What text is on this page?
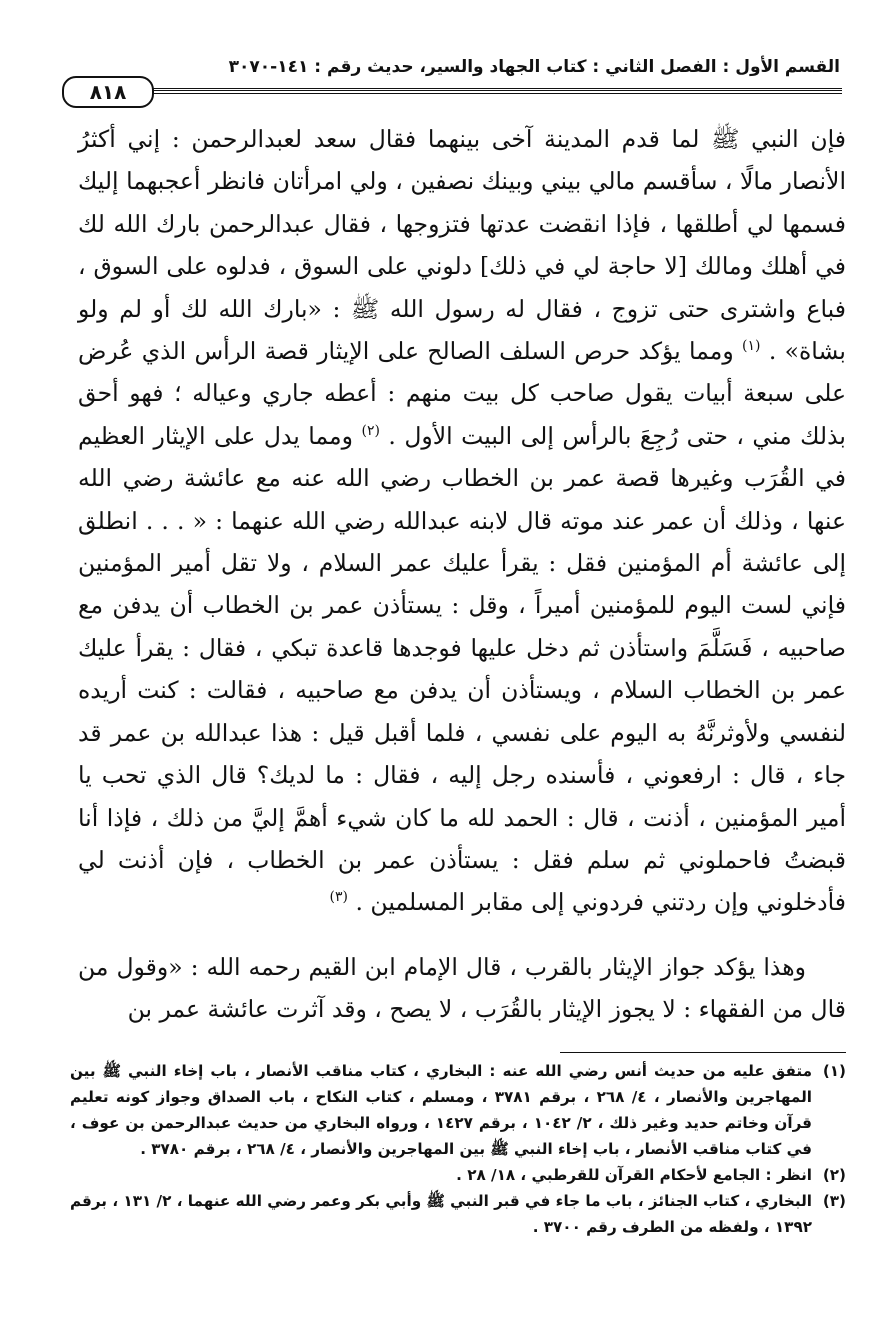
القسم الأول : الفصل الثاني : كتاب الجهاد والسير، حديث رقم : ١٤١-٣٠٧٠
٨١٨

فإن النبي ﷺ لما قدم المدينة آخى بينهما فقال سعد لعبدالرحمن : إني أكثرُ الأنصار مالًا ، سأقسم مالي بيني وبينك نصفين ، ولي امرأتان فانظر أعجبهما إليك فسمها لي أطلقها ، فإذا انقضت عدتها فتزوجها ، فقال عبدالرحمن بارك الله لك في أهلك ومالك [لا حاجة لي في ذلك] دلوني على السوق ، فدلوه على السوق ، فباع واشترى حتى تزوج ، فقال له رسول الله ﷺ : «بارك الله لك أو لم ولو بشاة» . $^{(١)}$ ومما يؤكد حرص السلف الصالح على الإيثار قصة الرأس الذي عُرض على سبعة أبيات يقول صاحب كل بيت منهم : أعطه جاري وعياله ؛ فهو أحق بذلك مني ، حتى رُجِعَ بالرأس إلى البيت الأول . $^{(٢)}$ ومما يدل على الإيثار العظيم في القُرَب وغيرها قصة عمر بن الخطاب رضي الله عنه مع عائشة رضي الله عنها ، وذلك أن عمر عند موته قال لابنه عبدالله رضي الله عنهما : « . . . انطلق إلى عائشة أم المؤمنين فقل : يقرأ عليك عمر السلام ، ولا تقل أمير المؤمنين فإني لست اليوم للمؤمنين أميراً ، وقل : يستأذن عمر بن الخطاب أن يدفن مع صاحبيه ، فَسَلَّمَ واستأذن ثم دخل عليها فوجدها قاعدة تبكي ، فقال : يقرأ عليك عمر بن الخطاب السلام ، ويستأذن أن يدفن مع صاحبيه ، فقالت : كنت أريده لنفسي ولأوثرنَّهُ به اليوم على نفسي ، فلما أقبل قيل : هذا عبدالله بن عمر قد جاء ، قال : ارفعوني ، فأسنده رجل إليه ، فقال : ما لديك؟ قال الذي تحب يا أمير المؤمنين ، أذنت ، قال : الحمد لله ما كان شيء أهمَّ إليَّ من ذلك ، فإذا أنا قبضتُ فاحملوني ثم سلم فقل : يستأذن عمر بن الخطاب ، فإن أذنت لي فأدخلوني وإن ردتني فردوني إلى مقابر المسلمين . $^{(٣)}$

وهذا يؤكد جواز الإيثار بالقرب ، قال الإمام ابن القيم رحمه الله : «وقول من قال من الفقهاء : لا يجوز الإيثار بالقُرَب ، لا يصح ، وقد آثرت عائشة عمر بن

(١)
متفق عليه من حديث أنس رضي الله عنه : البخاري ، كتاب مناقب الأنصار ، باب إخاء النبي ﷺ بين المهاجرين والأنصار ، ٤/ ٢٦٨ ، برقم ٣٧٨١ ، ومسلم ، كتاب النكاح ، باب الصداق وجواز كونه تعليم قرآن وخاتم حديد وغير ذلك ، ٢/ ١٠٤٢ ، برقم ١٤٢٧ ، ورواه البخاري من حديث عبدالرحمن بن عوف ، في كتاب مناقب الأنصار ، باب إخاء النبي ﷺ بين المهاجرين والأنصار ، ٤/ ٢٦٨ ، برقم ٣٧٨٠ .
(٢)
انظر : الجامع لأحكام القرآن للقرطبي ، ١٨/ ٢٨ .
(٣)
البخاري ، كتاب الجنائز ، باب ما جاء في قبر النبي ﷺ وأبي بكر وعمر رضي الله عنهما ، ٢/ ١٣١ ، برقم ١٣٩٢ ، ولفظه من الطرف رقم ٣٧٠٠ .
